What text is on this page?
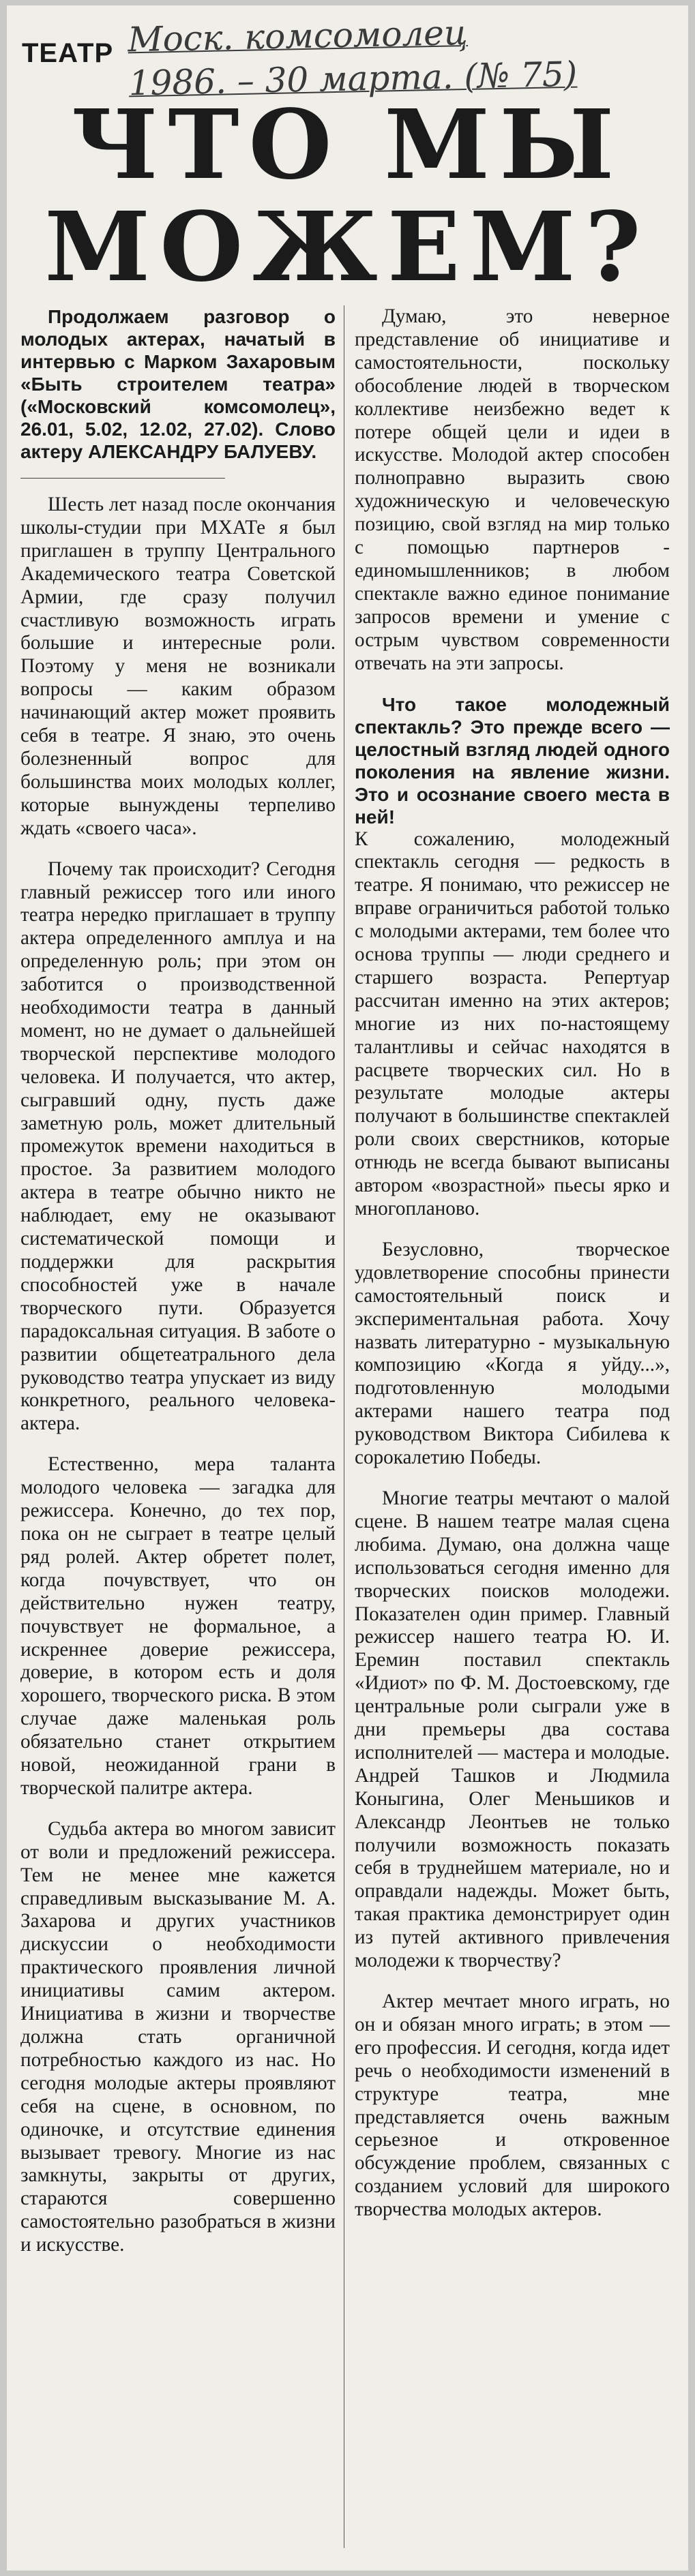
ТЕАТР Моск. комсомолец
1986. – 30 марта. (№ 75)
ЧТО МЫ
МОЖЕМ?

Продолжаем разговор о молодых актерах, начатый в интервью с Марком Захаровым «Быть строителем театра» («Московский комсомолец», 26.01, 5.02, 12.02, 27.02). Слово актеру АЛЕКСАНДРУ БАЛУЕВУ.

Шесть лет назад после окончания школы-студии при МХАТе я был приглашен в труппу Центрального Академического театра Советской Армии, где сразу получил счастливую возможность играть большие и интересные роли. Поэтому у меня не возникали вопросы — каким образом начинающий актер может проявить себя в театре. Я знаю, это очень болезненный вопрос для большинства моих молодых коллег, которые вынуждены терпеливо ждать «своего часа».

Почему так происходит? Сегодня главный режиссер того или иного театра нередко приглашает в труппу актера определенного амплуа и на определенную роль; при этом он заботится о производственной необходимости театра в данный момент, но не думает о дальнейшей творческой перспективе молодого человека. И получается, что актер, сыгравший одну, пусть даже заметную роль, может длительный промежуток времени находиться в простое. За развитием молодого актера в театре обычно никто не наблюдает, ему не оказывают систематической помощи и поддержки для раскрытия способностей уже в начале творческого пути. Образуется парадоксальная ситуация. В заботе о развитии общетеатрального дела руководство театра упускает из виду конкретного, реального человека-актера.

Естественно, мера таланта молодого человека — загадка для режиссера. Конечно, до тех пор, пока он не сыграет в театре целый ряд ролей. Актер обретет полет, когда почувствует, что он действительно нужен театру, почувствует не формальное, а искреннее доверие режиссера, доверие, в котором есть и доля хорошего, творческого риска. В этом случае даже маленькая роль обязательно станет открытием новой, неожиданной грани в творческой палитре актера.

Судьба актера во многом зависит от воли и предложений режиссера. Тем не менее мне кажется справедливым высказывание М. А. Захарова и других участников дискуссии о необходимости практического проявления личной инициативы самим актером. Инициатива в жизни и творчестве должна стать органичной потребностью каждого из нас. Но сегодня молодые актеры проявляют себя на сцене, в основном, по одиночке, и отсутствие единения вызывает тревогу. Многие из нас замкнуты, закрыты от других, стараются совершенно самостоятельно разобраться в жизни и искусстве.

Думаю, это неверное представление об инициативе и самостоятельности, поскольку обособление людей в творческом коллективе неизбежно ведет к потере общей цели и идеи в искусстве. Молодой актер способен полноправно выразить свою художническую и человеческую позицию, свой взгляд на мир только с помощью партнеров - единомышленников; в любом спектакле важно единое понимание запросов времени и умение с острым чувством современности отвечать на эти запросы.

Что такое молодежный спектакль? Это прежде всего — целостный взгляд людей одного поколения на явление жизни. Это и осознание своего места в ней!

К сожалению, молодежный спектакль сегодня — редкость в театре. Я понимаю, что режиссер не вправе ограничиться работой только с молодыми актерами, тем более что основа труппы — люди среднего и старшего возраста. Репертуар рассчитан именно на этих актеров; многие из них по-настоящему талантливы и сейчас находятся в расцвете творческих сил. Но в результате молодые актеры получают в большинстве спектаклей роли своих сверстников, которые отнюдь не всегда бывают выписаны автором «возрастной» пьесы ярко и многопланово.

Безусловно, творческое удовлетворение способны принести самостоятельный поиск и экспериментальная работа. Хочу назвать литературно - музыкальную композицию «Когда я уйду...», подготовленную молодыми актерами нашего театра под руководством Виктора Сибилева к сорокалетию Победы.

Многие театры мечтают о малой сцене. В нашем театре малая сцена любима. Думаю, она должна чаще использоваться сегодня именно для творческих поисков молодежи. Показателен один пример. Главный режиссер нашего театра Ю. И. Еремин поставил спектакль «Идиот» по Ф. М. Достоевскому, где центральные роли сыграли уже в дни премьеры два состава исполнителей — мастера и молодые. Андрей Ташков и Людмила Коныгина, Олег Меньшиков и Александр Леонтьев не только получили возможность показать себя в труднейшем материале, но и оправдали надежды. Может быть, такая практика демонстрирует один из путей активного привлечения молодежи к творчеству?

Актер мечтает много играть, но он и обязан много играть; в этом — его профессия. И сегодня, когда идет речь о необходимости изменений в структуре театра, мне представляется очень важным серьезное и откровенное обсуждение проблем, связанных с созданием условий для широкого творчества молодых актеров.
